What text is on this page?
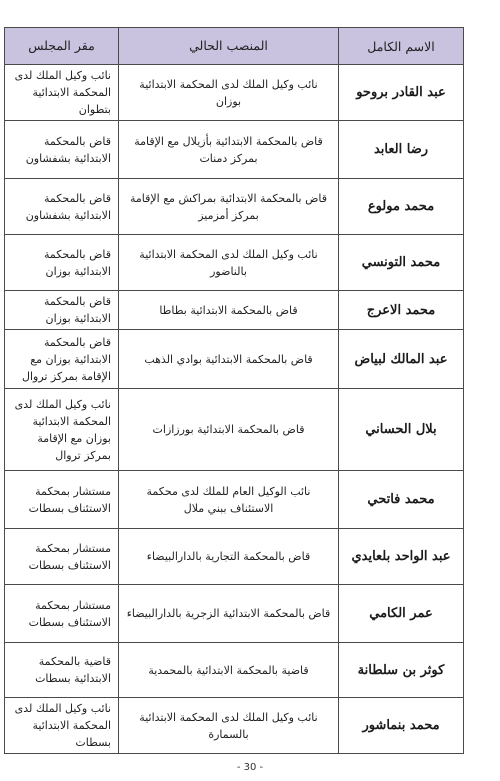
الاسم الكامل	المنصب الحالي	مقر المجلس
عبد القادر بروحو	نائب وكيل الملك لدى المحكمة الابتدائية بوزان	نائب وكيل الملك لدى المحكمة الابتدائية بتطوان
رضا العابد	قاض بالمحكمة الابتدائية بأزيلال مع الإقامة بمركز دمنات	قاض بالمحكمة الابتدائية بشفشاون
محمد مولوع	قاض بالمحكمة الابتدائية بمراكش مع الإقامة بمركز أمزميز	قاض بالمحكمة الابتدائية بشفشاون
محمد التونسي	نائب وكيل الملك لدى المحكمة الابتدائية بالناضور	قاض بالمحكمة الابتدائية بوزان
محمد الاعرج	قاض بالمحكمة الابتدائية بطاطا	قاض بالمحكمة الابتدائية بوزان
عبد المالك لبياض	قاض بالمحكمة الابتدائية بوادي الذهب	قاض بالمحكمة الابتدائية بوزان مع الإقامة بمركز تروال
بلال الحساني	قاض بالمحكمة الابتدائية بورزازات	نائب وكيل الملك لدى المحكمة الابتدائية بوزان مع الإقامة بمركز تروال
محمد فاتحي	نائب الوكيل العام للملك لدى محكمة الاستئناف ببني ملال	مستشار بمحكمة الاستئناف بسطات
عبد الواحد بلعايدي	قاض بالمحكمة التجارية بالدارالبيضاء	مستشار بمحكمة الاستئناف بسطات
عمر الكامي	قاض بالمحكمة الابتدائية الزجرية بالدارالبيضاء	مستشار بمحكمة الاستئناف بسطات
كوثر بن سلطانة	قاضية بالمحكمة الابتدائية بالمحمدية	قاضية بالمحكمة الابتدائية بسطات
محمد بنماشور	نائب وكيل الملك لدى المحكمة الابتدائية بالسمارة	نائب وكيل الملك لدى المحكمة الابتدائية بسطات
- 30 -
